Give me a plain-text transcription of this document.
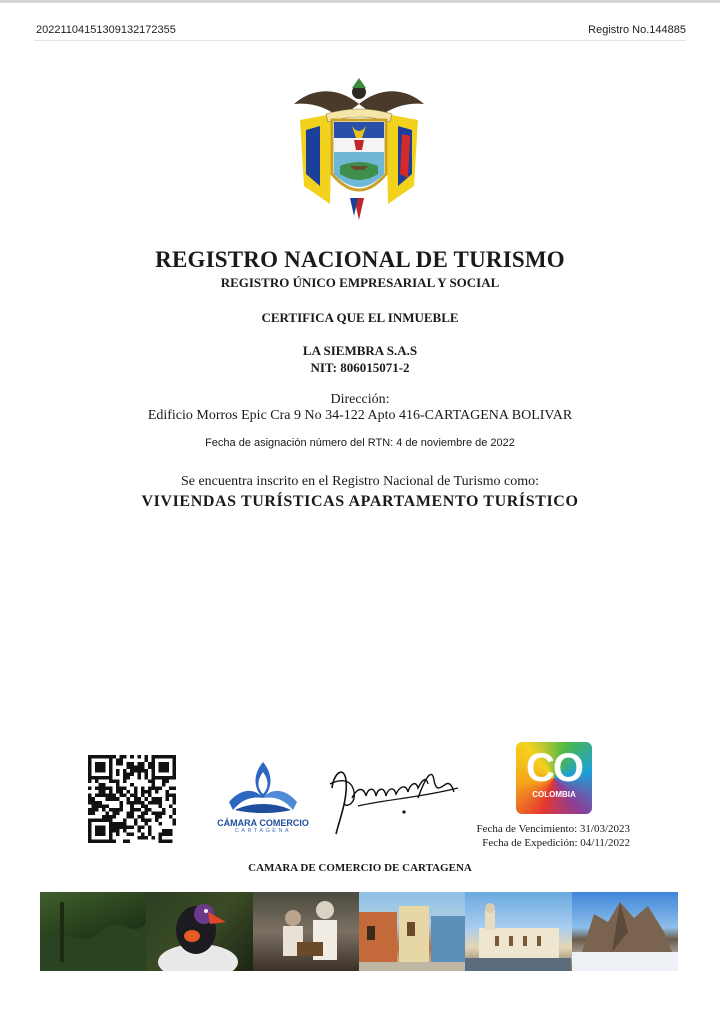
20221104151309132172355	Registro No.144885
REGISTRO NACIONAL DE TURISMO
REGISTRO ÚNICO EMPRESARIAL Y SOCIAL
CERTIFICA QUE EL INMUEBLE
LA SIEMBRA S.A.S
NIT: 806015071-2
Dirección:
Edificio Morros Epic Cra 9 No 34-122 Apto 416-CARTAGENA BOLIVAR
Fecha de asignación número del RTN: 4 de noviembre de 2022
Se encuentra inscrito en el Registro Nacional de Turismo como:
VIVIENDAS TURÍSTICAS APARTAMENTO TURÍSTICO
CÁMARA COMERCIO
CARTAGENA
CO
COLOMBIA
Fecha de Vencimiento: 31/03/2023
Fecha de Expedición: 04/11/2022
CAMARA DE COMERCIO DE CARTAGENA
